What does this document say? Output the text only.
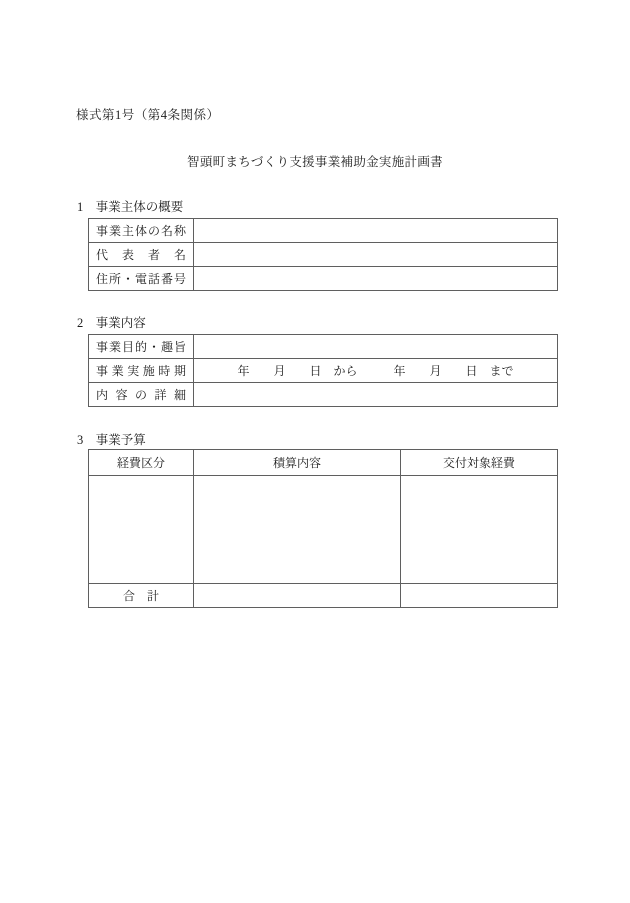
様式第1号（第4条関係）
智頭町まちづくり支援事業補助金実施計画書
1　事業主体の概要
事業主体の名称	
代表者名	
住所・電話番号	
2　事業内容
事業目的・趣旨	
事業実施時期	年　　月　　日　から　　　年　　月　　日　まで
内容の詳細	
3　事業予算
経費区分	積算内容	交付対象経費

合　計		
